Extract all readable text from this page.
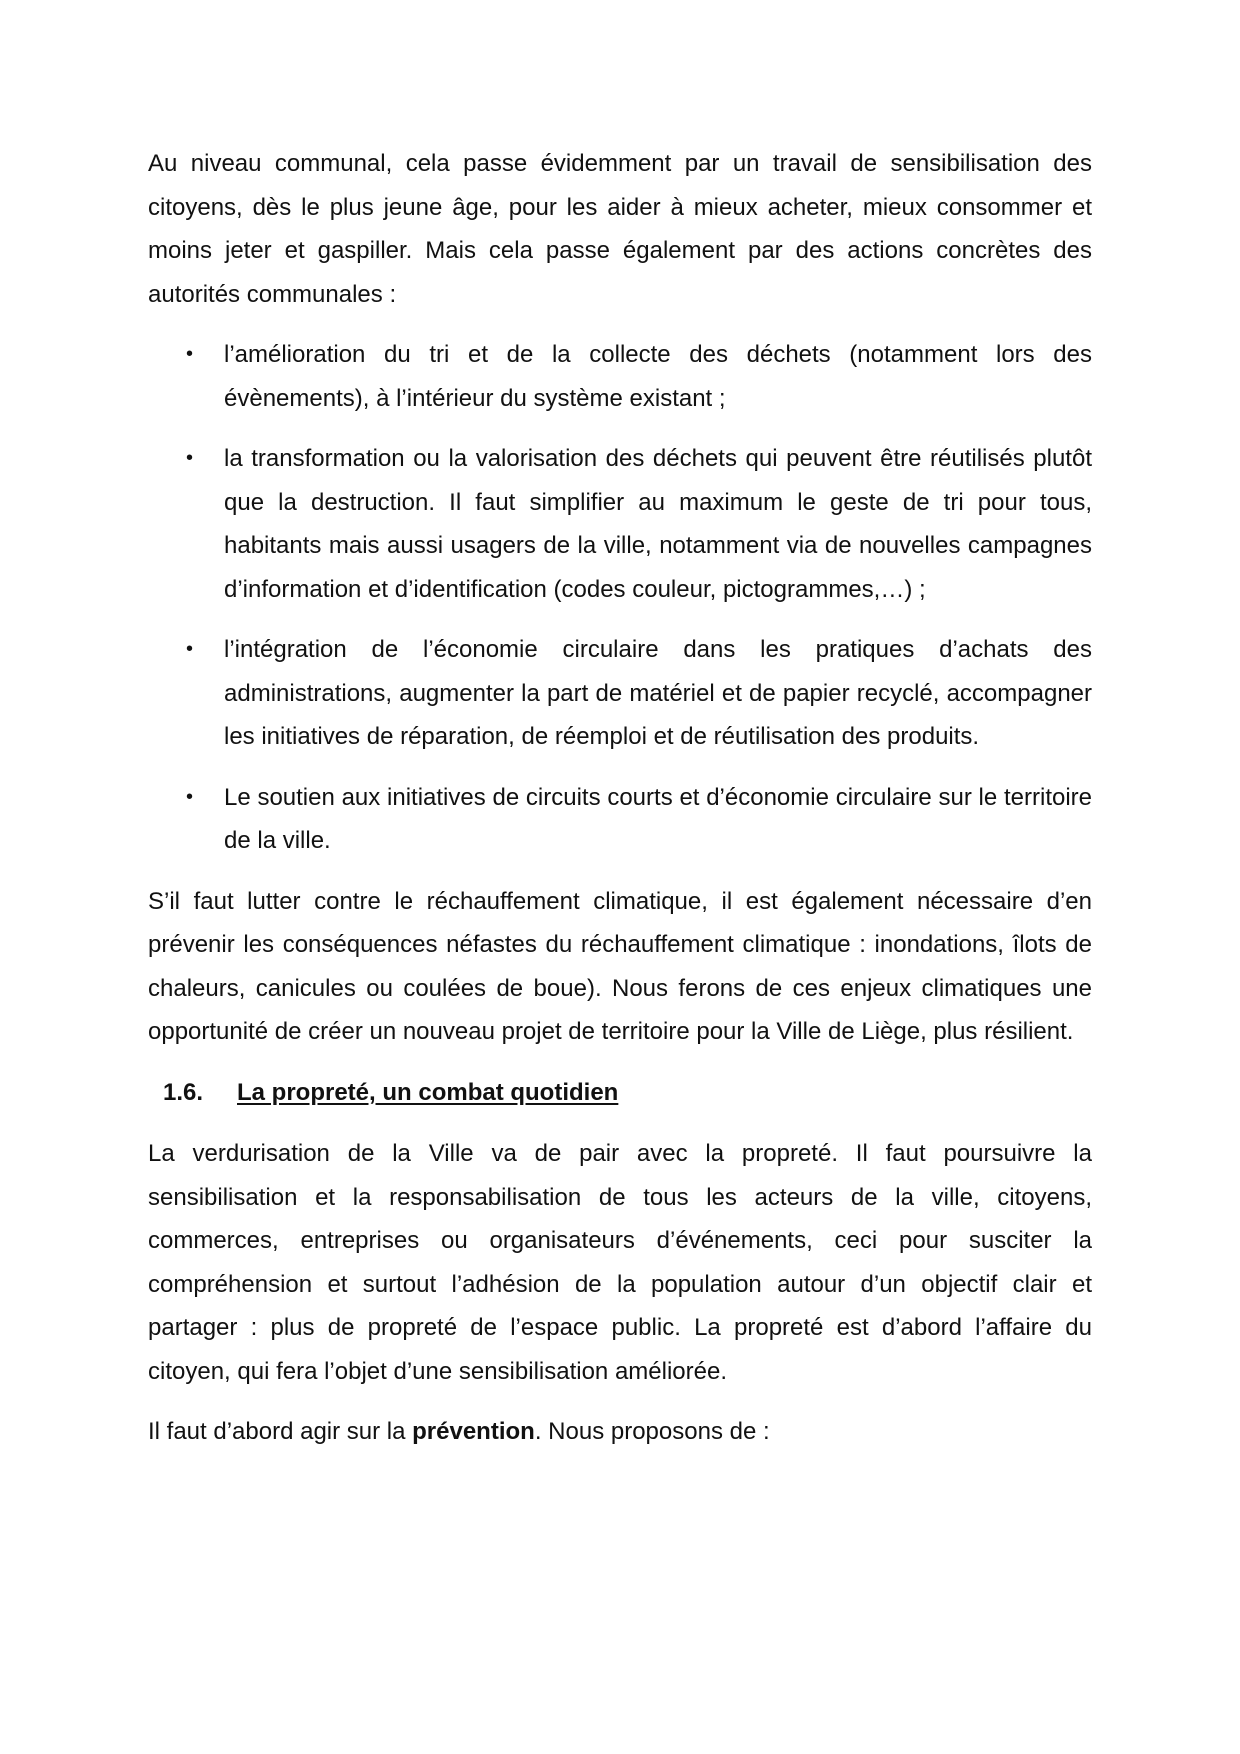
Au niveau communal, cela passe évidemment par un travail de sensibilisation des citoyens, dès le plus jeune âge, pour les aider à mieux acheter, mieux consommer et moins jeter et gaspiller. Mais cela passe également par des actions concrètes des autorités communales :

• l’amélioration du tri et de la collecte des déchets (notamment lors des évènements), à l’intérieur du système existant ;
• la transformation ou la valorisation des déchets qui peuvent être réutilisés plutôt que la destruction. Il faut simplifier au maximum le geste de tri pour tous, habitants mais aussi usagers de la ville, notamment via de nouvelles campagnes d’information et d’identification (codes couleur, pictogrammes,…) ;
• l’intégration de l’économie circulaire dans les pratiques d’achats des administrations, augmenter la part de matériel et de papier recyclé, accompagner les initiatives de réparation, de réemploi et de réutilisation des produits.
• Le soutien aux initiatives de circuits courts et d’économie circulaire sur le territoire de la ville.

S’il faut lutter contre le réchauffement climatique, il est également nécessaire d’en prévenir les conséquences néfastes du réchauffement climatique : inondations, îlots de chaleurs, canicules ou coulées de boue). Nous ferons de ces enjeux climatiques une opportunité de créer un nouveau projet de territoire pour la Ville de Liège, plus résilient.

1.6. La propreté, un combat quotidien

La verdurisation de la Ville va de pair avec la propreté. Il faut poursuivre la sensibilisation et la responsabilisation de tous les acteurs de la ville, citoyens, commerces, entreprises ou organisateurs d’événements, ceci pour susciter la compréhension et surtout l’adhésion de la population autour d’un objectif clair et partager : plus de propreté de l’espace public. La propreté est d’abord l’affaire du citoyen, qui fera l’objet d’une sensibilisation améliorée.

Il faut d’abord agir sur la prévention. Nous proposons de :
